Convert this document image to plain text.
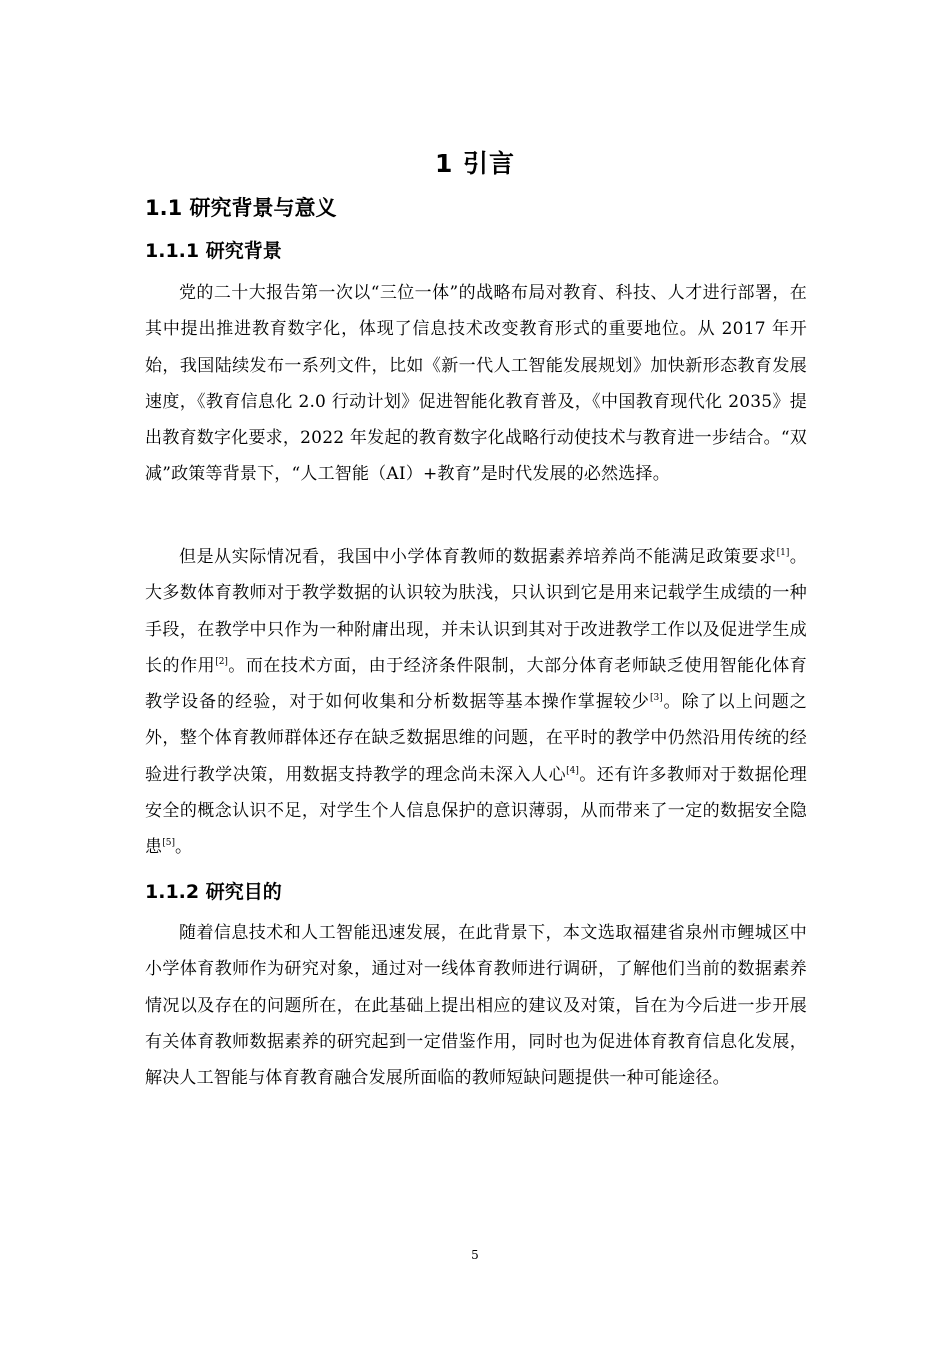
1 引言
1.1 研究背景与意义
1.1.1 研究背景
党的二十大报告第一次以“三位一体”的战略布局对教育、科技、人才进行部署，在其中提出推进教育数字化，体现了信息技术改变教育形式的重要地位。从 2017 年开始，我国陆续发布一系列文件，比如《新一代人工智能发展规划》加快新形态教育发展速度，《教育信息化 2.0 行动计划》促进智能化教育普及，《中国教育现代化 2035》提出教育数字化要求，2022 年发起的教育数字化战略行动使技术与教育进一步结合。“双减”政策等背景下，“人工智能（AI）+教育”是时代发展的必然选择。
但是从实际情况看，我国中小学体育教师的数据素养培养尚不能满足政策要求[1]。大多数体育教师对于教学数据的认识较为肤浅，只认识到它是用来记载学生成绩的一种手段，在教学中只作为一种附庸出现，并未认识到其对于改进教学工作以及促进学生成长的作用[2]。而在技术方面，由于经济条件限制，大部分体育老师缺乏使用智能化体育教学设备的经验，对于如何收集和分析数据等基本操作掌握较少[3]。除了以上问题之外，整个体育教师群体还存在缺乏数据思维的问题，在平时的教学中仍然沿用传统的经验进行教学决策，用数据支持教学的理念尚未深入人心[4]。还有许多教师对于数据伦理安全的概念认识不足，对学生个人信息保护的意识薄弱，从而带来了一定的数据安全隐患[5]。
1.1.2 研究目的
随着信息技术和人工智能迅速发展，在此背景下，本文选取福建省泉州市鲤城区中小学体育教师作为研究对象，通过对一线体育教师进行调研，了解他们当前的数据素养情况以及存在的问题所在，在此基础上提出相应的建议及对策，旨在为今后进一步开展有关体育教师数据素养的研究起到一定借鉴作用，同时也为促进体育教育信息化发展，解决人工智能与体育教育融合发展所面临的教师短缺问题提供一种可能途径。
5
